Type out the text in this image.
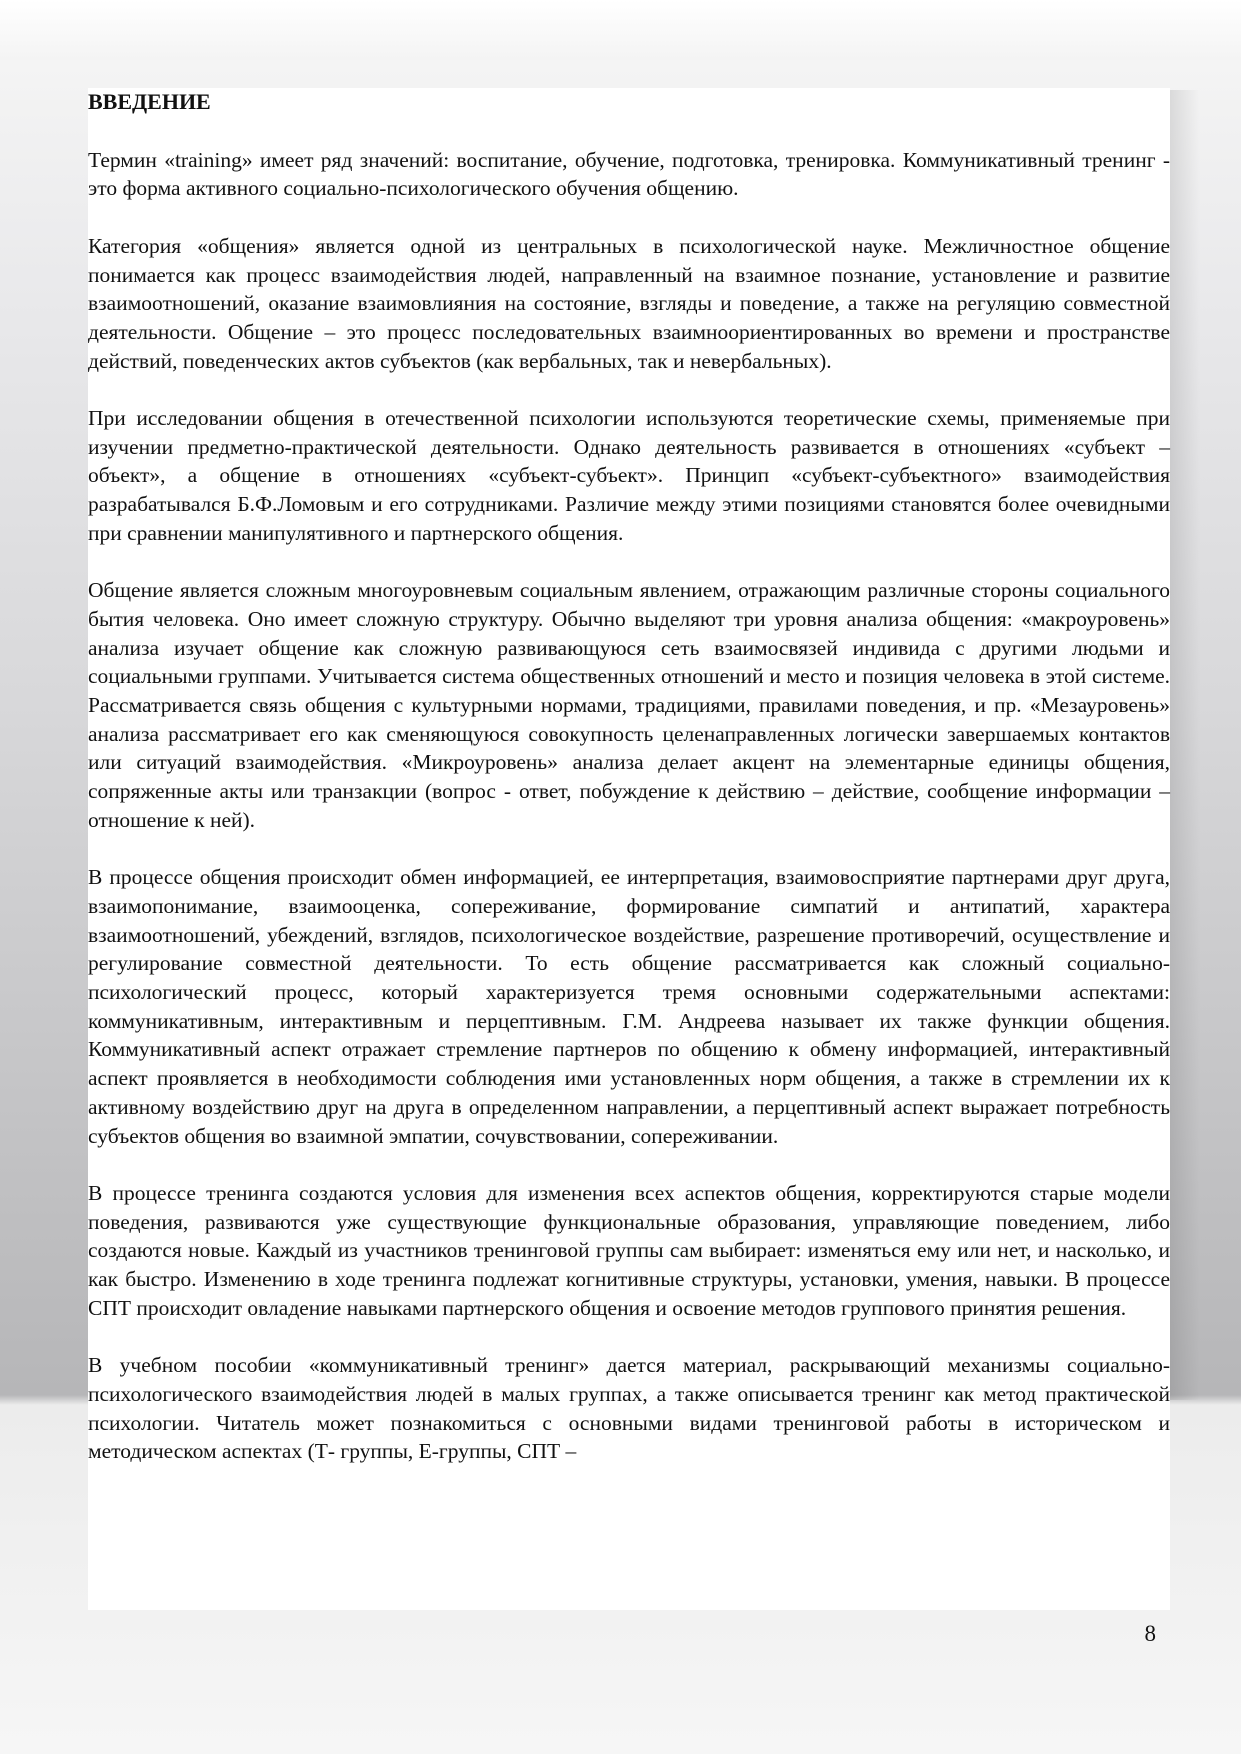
ВВЕДЕНИЕ

Термин «training» имеет ряд значений: воспитание, обучение, подготовка, тренировка. Коммуникативный тренинг - это форма активного социально-психологического обучения общению.

Категория «общения» является одной из центральных в психологической науке. Межличностное общение понимается как процесс взаимодействия людей, направленный на взаимное познание, установление и развитие взаимоотношений, оказание взаимовлияния на состояние, взгляды и поведение, а также на регуляцию совместной деятельности. Общение – это процесс последовательных взаимноориентированных во времени и пространстве действий, поведенческих актов субъектов (как вербальных, так и невербальных).

При исследовании общения в отечественной психологии используются теоретические схемы, применяемые при изучении предметно-практической деятельности. Однако деятельность развивается в отношениях «субъект – объект», а общение в отношениях «субъект-субъект». Принцип «субъект-субъектного» взаимодействия разрабатывался Б.Ф.Ломовым и его сотрудниками. Различие между этими позициями становятся более очевидными при сравнении манипулятивного и партнерского общения.

Общение является сложным многоуровневым социальным явлением, отражающим различные стороны социального бытия человека. Оно имеет сложную структуру. Обычно выделяют три уровня анализа общения: «макроуровень» анализа изучает общение как сложную развивающуюся сеть взаимосвязей индивида с другими людьми и социальными группами. Учитывается система общественных отношений и место и позиция человека в этой системе. Рассматривается связь общения с культурными нормами, традициями, правилами поведения, и пр. «Мезауровень» анализа рассматривает его как сменяющуюся совокупность целенаправленных логически завершаемых контактов или ситуаций взаимодействия. «Микроуровень» анализа делает акцент на элементарные единицы общения, сопряженные акты или транзакции (вопрос - ответ, побуждение к действию – действие, сообщение информации – отношение к ней).

В процессе общения происходит обмен информацией, ее интерпретация, взаимовосприятие партнерами друг друга, взаимопонимание, взаимооценка, сопереживание, формирование симпатий и антипатий, характера взаимоотношений, убеждений, взглядов, психологическое воздействие, разрешение противоречий, осуществление и регулирование совместной деятельности. То есть общение рассматривается как сложный социально-психологический процесс, который характеризуется тремя основными содержательными аспектами: коммуникативным, интерактивным и перцептивным. Г.М. Андреева называет их также функции общения. Коммуникативный аспект отражает стремление партнеров по общению к обмену информацией, интерактивный аспект проявляется в необходимости соблюдения ими установленных норм общения, а также в стремлении их к активному воздействию друг на друга в определенном направлении, а перцептивный аспект выражает потребность субъектов общения во взаимной эмпатии, сочувствовании, сопереживании.

В процессе тренинга создаются условия для изменения всех аспектов общения, корректируются старые модели поведения, развиваются уже существующие функциональные образования, управляющие поведением, либо создаются новые. Каждый из участников тренинговой группы сам выбирает: изменяться ему или нет, и насколько, и как быстро. Изменению в ходе тренинга подлежат когнитивные структуры, установки, умения, навыки. В процессе СПТ происходит овладение навыками партнерского общения и освоение методов группового принятия решения.

В учебном пособии «коммуникативный тренинг» дается материал, раскрывающий механизмы социально-психологического взаимодействия людей в малых группах, а также описывается тренинг как метод практической психологии. Читатель может познакомиться с основными видами тренинговой работы в историческом и методическом аспектах (Т- группы, Е-группы, СПТ –

8
